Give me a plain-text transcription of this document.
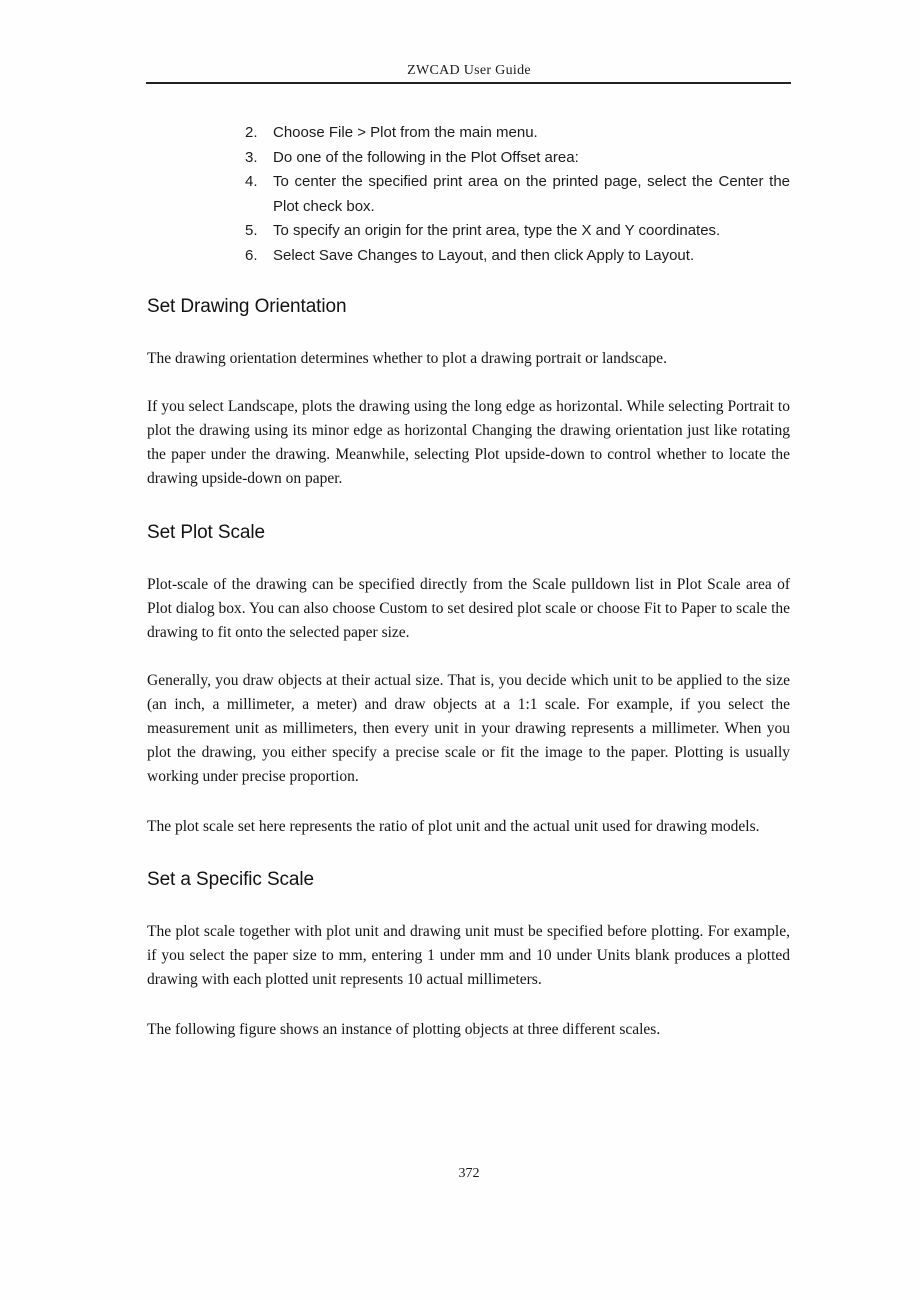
ZWCAD User Guide
2.	Choose File > Plot from the main menu.
3.	Do one of the following in the Plot Offset area:
4.	To center the specified print area on the printed page, select the Center the Plot check box.
5.	To specify an origin for the print area, type the X and Y coordinates.
6.	Select Save Changes to Layout, and then click Apply to Layout.
Set Drawing Orientation

The drawing orientation determines whether to plot a drawing portrait or landscape.

If you select Landscape, plots the drawing using the long edge as horizontal. While selecting Portrait to plot the drawing using its minor edge as horizontal Changing the drawing orientation just like rotating the paper under the drawing. Meanwhile, selecting Plot upside-down to control whether to locate the drawing upside-down on paper.

Set Plot Scale

Plot-scale of the drawing can be specified directly from the Scale pulldown list in Plot Scale area of Plot dialog box. You can also choose Custom to set desired plot scale or choose Fit to Paper to scale the drawing to fit onto the selected paper size.

Generally, you draw objects at their actual size. That is, you decide which unit to be applied to the size (an inch, a millimeter, a meter) and draw objects at a 1:1 scale. For example, if you select the measurement unit as millimeters, then every unit in your drawing represents a millimeter. When you plot the drawing, you either specify a precise scale or fit the image to the paper. Plotting is usually working under precise proportion.

The plot scale set here represents the ratio of plot unit and the actual unit used for drawing models.

Set a Specific Scale

The plot scale together with plot unit and drawing unit must be specified before plotting. For example, if you select the paper size to mm, entering 1 under mm and 10 under Units blank produces a plotted drawing with each plotted unit represents 10 actual millimeters.

The following figure shows an instance of plotting objects at three different scales.

372
